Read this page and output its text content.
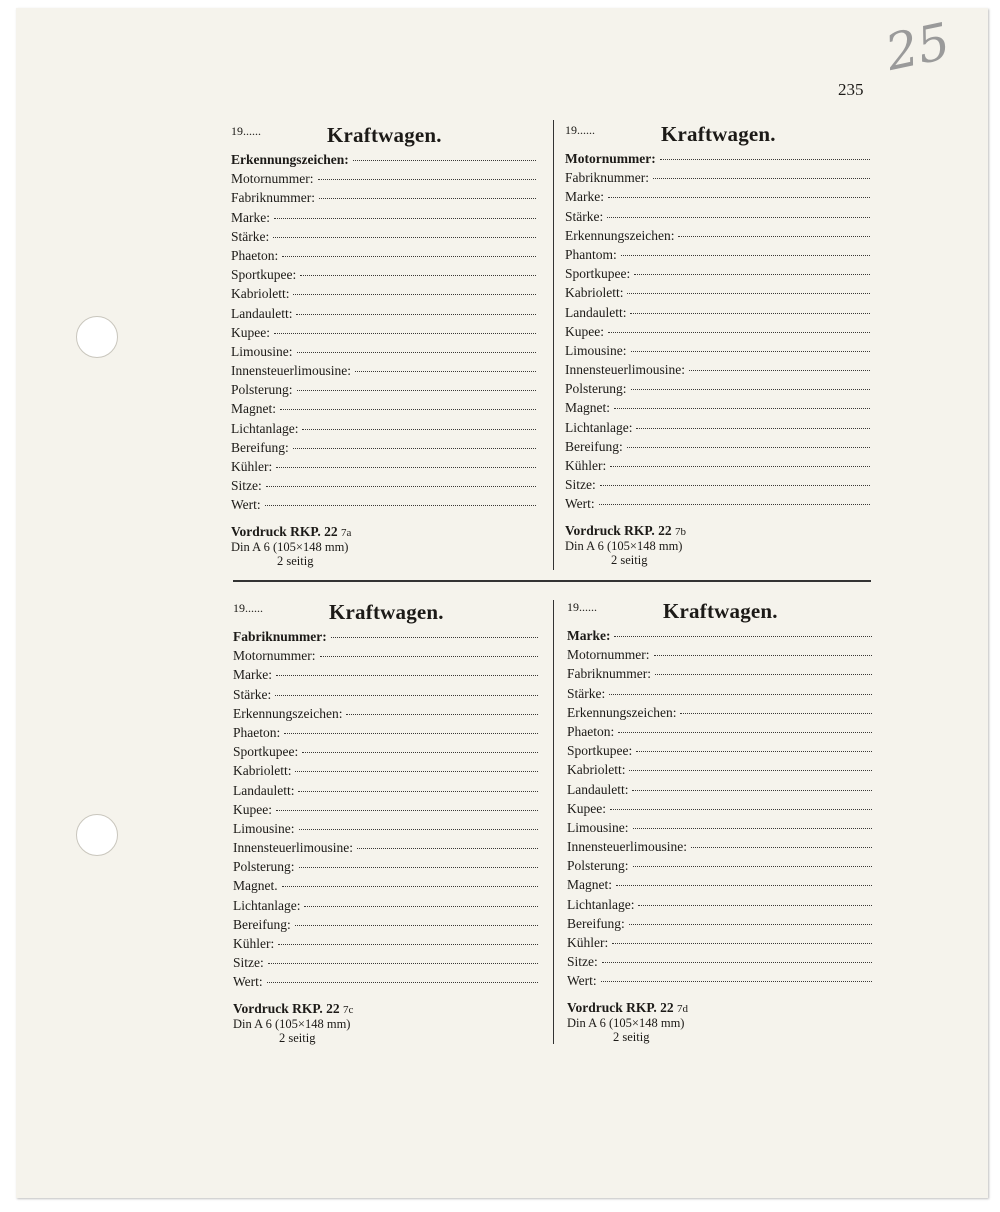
25
235
19......	Kraftwagen.
Erkennungszeichen:
Motornummer:
Fabriknummer:
Marke:
Stärke:
Phaeton:
Sportkupee:
Kabriolett:
Landaulett:
Kupee:
Limousine:
Innensteuerlimousine:
Polsterung:
Magnet:
Lichtanlage:
Bereifung:
Kühler:
Sitze:
Wert:
Vordruck RKP. 22 7a
Din A 6 (105×148 mm)
2 seitig
19......	Kraftwagen.
Motornummer:
Fabriknummer:
Marke:
Stärke:
Erkennungszeichen:
Phantom:
Sportkupee:
Kabriolett:
Landaulett:
Kupee:
Limousine:
Innensteuerlimousine:
Polsterung:
Magnet:
Lichtanlage:
Bereifung:
Kühler:
Sitze:
Wert:
Vordruck RKP. 22 7b
Din A 6 (105×148 mm)
2 seitig
19......	Kraftwagen.
Fabriknummer:
Motornummer:
Marke:
Stärke:
Erkennungszeichen:
Phaeton:
Sportkupee:
Kabriolett:
Landaulett:
Kupee:
Limousine:
Innensteuerlimousine:
Polsterung:
Magnet.
Lichtanlage:
Bereifung:
Kühler:
Sitze:
Wert:
Vordruck RKP. 22 7c
Din A 6 (105×148 mm)
2 seitig
19......	Kraftwagen.
Marke:
Motornummer:
Fabriknummer:
Stärke:
Erkennungszeichen:
Phaeton:
Sportkupee:
Kabriolett:
Landaulett:
Kupee:
Limousine:
Innensteuerlimousine:
Polsterung:
Magnet:
Lichtanlage:
Bereifung:
Kühler:
Sitze:
Wert:
Vordruck RKP. 22 7d
Din A 6 (105×148 mm)
2 seitig
